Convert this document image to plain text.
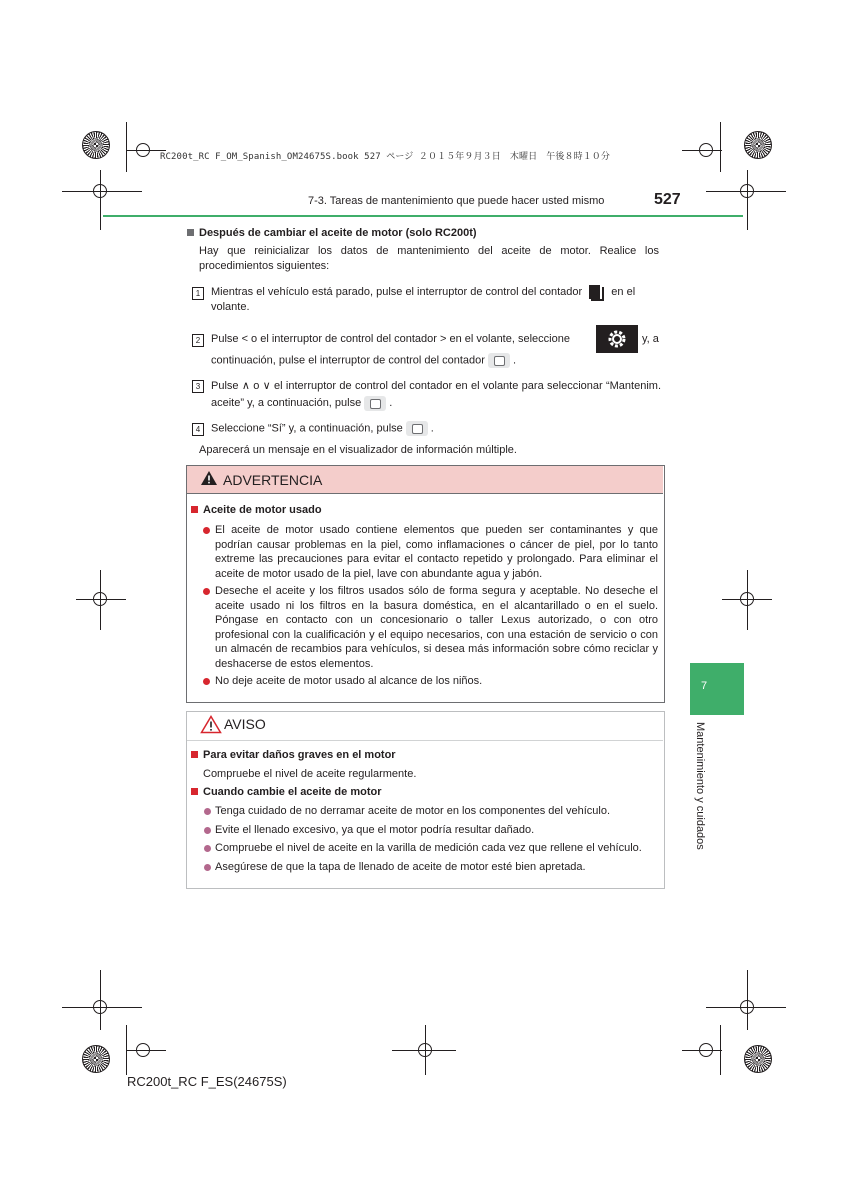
RC200t_RC F_OM_Spanish_OM24675S.book 527 ページ ２０１５年９月３日　木曜日　午後８時１０分
7-3. Tareas de mantenimiento que puede hacer usted mismo	527
7
Mantenimiento y cuidados
Después de cambiar el aceite de motor (solo RC200t)
Hay que reinicializar los datos de mantenimiento del aceite de motor. Realice los procedimientos siguientes:
1 Mientras el vehículo está parado, pulse el interruptor de control del contador	en el
volante.
2 Pulse < o el interruptor de control del contador > en el volante, seleccione	y, a
continuación, pulse el interruptor de control del contador	.
3 Pulse ∧ o ∨ el interruptor de control del contador en el volante para seleccionar “Mantenim. aceite” y, a continuación, pulse	.
4 Seleccione “Sí” y, a continuación, pulse	.
Aparecerá un mensaje en el visualizador de información múltiple.
ADVERTENCIA
Aceite de motor usado
El aceite de motor usado contiene elementos que pueden ser contaminantes y que podrían causar problemas en la piel, como inflamaciones o cáncer de piel, por lo tanto extreme las precauciones para evitar el contacto repetido y prolongado. Para eliminar el aceite de motor usado de la piel, lave con abundante agua y jabón.
Deseche el aceite y los filtros usados sólo de forma segura y aceptable. No deseche el aceite usado ni los filtros en la basura doméstica, en el alcantarillado o en el suelo. Póngase en contacto con un concesionario o taller Lexus autorizado, o con otro profesional con la cualificación y el equipo necesarios, con una estación de servicio o con un almacén de recambios para vehículos, si desea más información sobre cómo reciclar y deshacerse de estos elementos.
No deje aceite de motor usado al alcance de los niños.
AVISO
Para evitar daños graves en el motor
Compruebe el nivel de aceite regularmente.
Cuando cambie el aceite de motor
Tenga cuidado de no derramar aceite de motor en los componentes del vehículo.
Evite el llenado excesivo, ya que el motor podría resultar dañado.
Compruebe el nivel de aceite en la varilla de medición cada vez que rellene el vehículo.
Asegúrese de que la tapa de llenado de aceite de motor esté bien apretada.
RC200t_RC F_ES(24675S)
